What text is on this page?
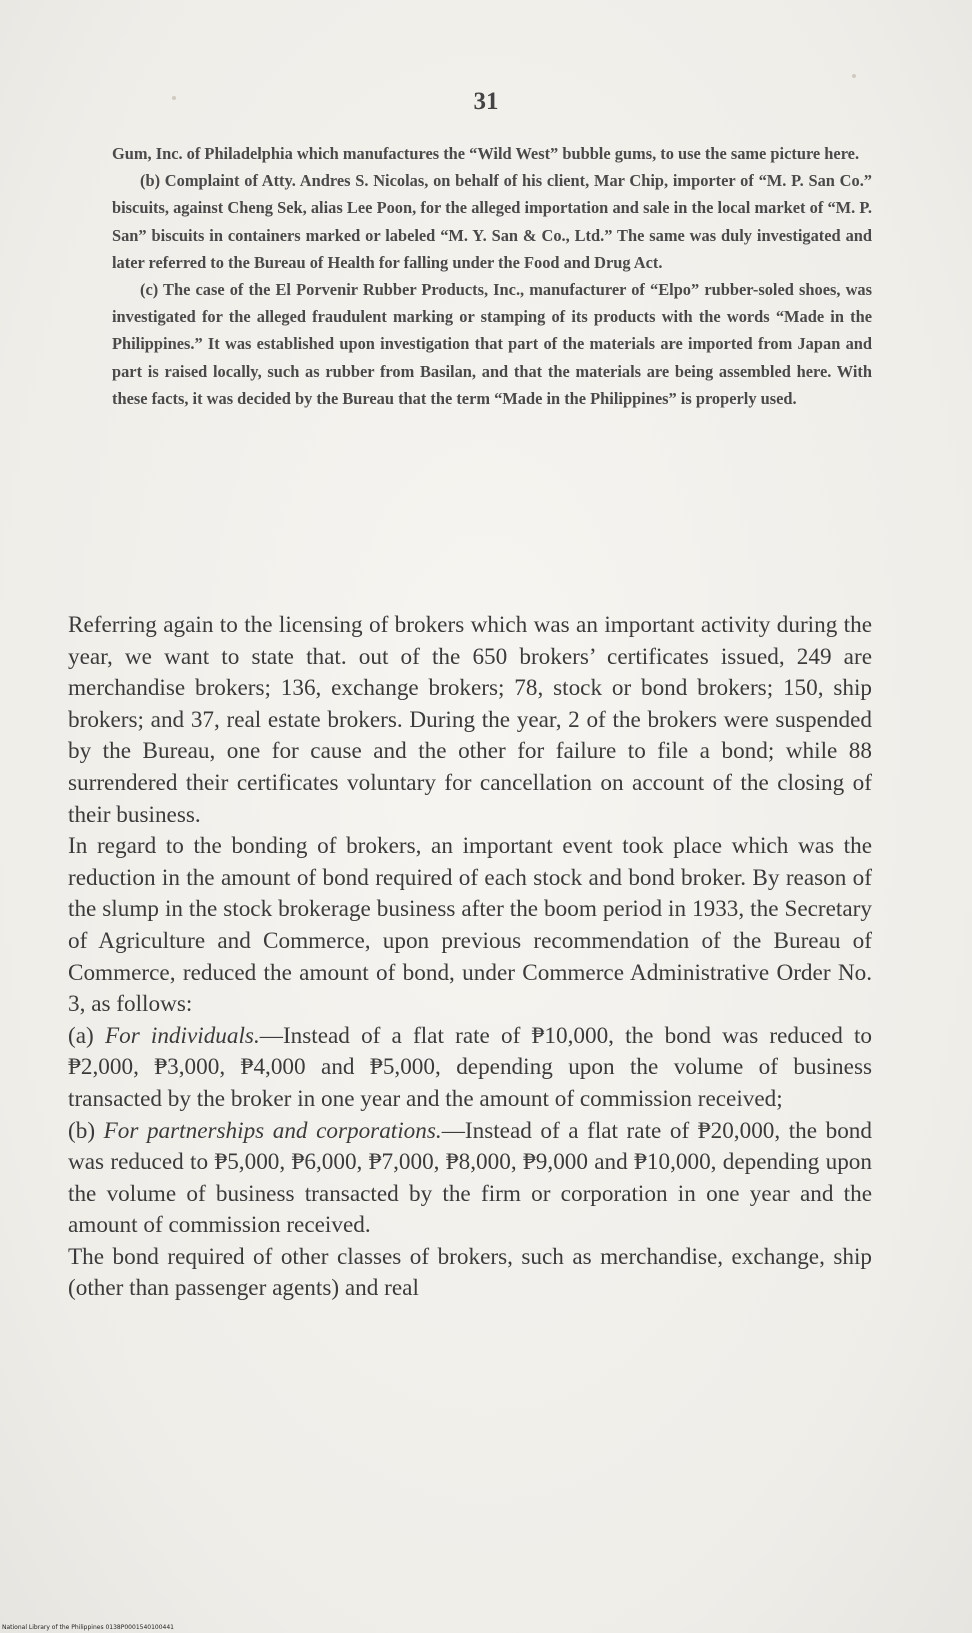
31

Gum, Inc. of Philadelphia which manufactures the “Wild West” bubble gums, to use the same picture here.

(b) Complaint of Atty. Andres S. Nicolas, on behalf of his client, Mar Chip, importer of “M. P. San Co.” biscuits, against Cheng Sek, alias Lee Poon, for the alleged importation and sale in the local market of “M. P. San” biscuits in containers marked or labeled “M. Y. San & Co., Ltd.” The same was duly investigated and later referred to the Bureau of Health for falling under the Food and Drug Act.

(c) The case of the El Porvenir Rubber Products, Inc., manufacturer of “Elpo” rubber-soled shoes, was investigated for the alleged fraudulent marking or stamping of its products with the words “Made in the Philippines.” It was established upon investigation that part of the materials are imported from Japan and part is raised locally, such as rubber from Basilan, and that the materials are being assembled here. With these facts, it was decided by the Bureau that the term “Made in the Philippines” is properly used.

Referring again to the licensing of brokers which was an important activity during the year, we want to state that. out of the 650 brokers’ certificates issued, 249 are merchandise brokers; 136, exchange brokers; 78, stock or bond brokers; 150, ship brokers; and 37, real estate brokers. During the year, 2 of the brokers were suspended by the Bureau, one for cause and the other for failure to file a bond; while 88 surrendered their certificates voluntary for cancellation on account of the closing of their business.

In regard to the bonding of brokers, an important event took place which was the reduction in the amount of bond required of each stock and bond broker. By reason of the slump in the stock brokerage business after the boom period in 1933, the Secretary of Agriculture and Commerce, upon previous recommendation of the Bureau of Commerce, reduced the amount of bond, under Commerce Administrative Order No. 3, as follows:

(a) For individuals.—Instead of a flat rate of ₱10,000, the bond was reduced to ₱2,000, ₱3,000, ₱4,000 and ₱5,000, depending upon the volume of business transacted by the broker in one year and the amount of commission received;

(b) For partnerships and corporations.—Instead of a flat rate of ₱20,000, the bond was reduced to ₱5,000, ₱6,000, ₱7,000, ₱8,000, ₱9,000 and ₱10,000, depending upon the volume of business transacted by the firm or corporation in one year and the amount of commission received.

The bond required of other classes of brokers, such as merchandise, exchange, ship (other than passenger agents) and real

National Library of the Philippines 0138P0001540100441
